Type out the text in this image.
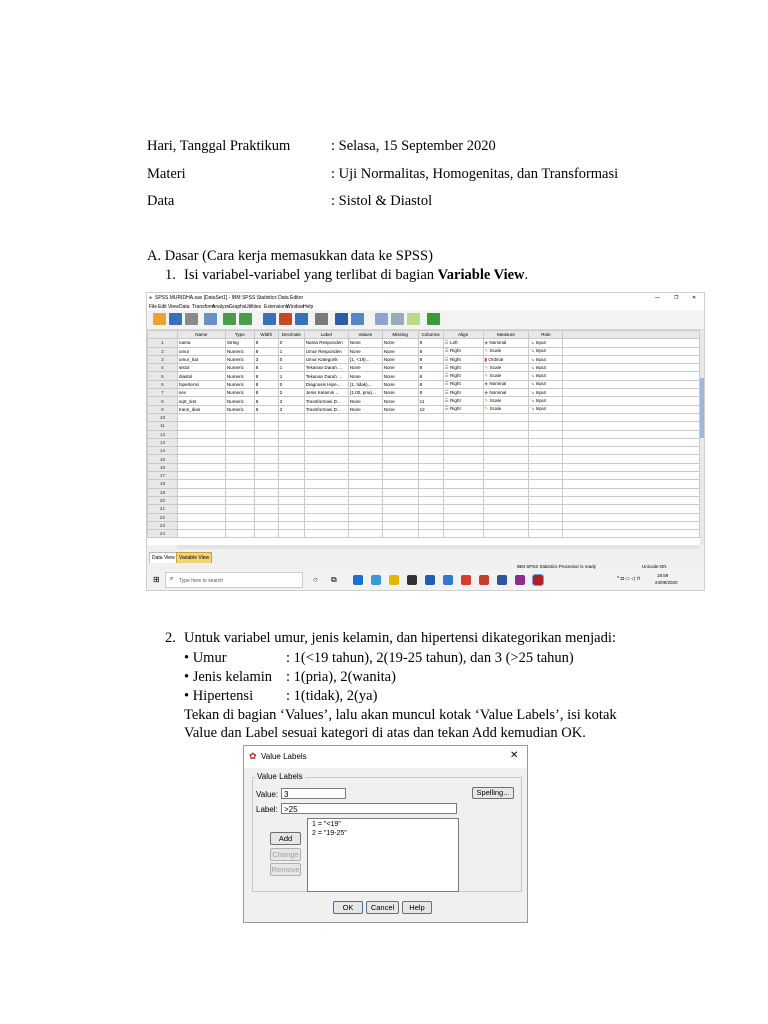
Hari, Tanggal Praktikum	: Selasa, 15 September 2020
Materi	: Uji Normalitas, Homogenitas, dan Transformasi
Data	: Sistol & Diastol
A. Dasar (Cara kerja memasukkan data ke SPSS)
1. Isi variabel-variabel yang terlibat di bagian Variable View.
● SPSS MURIDHA.sav [DataSet1] - IBM SPSS Statistics Data Editor	—	❐	✕
File Edit View Data Transform
Analyze Graphs Utilities Extensions
Window Help
	Name	Type	Width	Decimals	Label	Values	Missing	Columns	Align	Measure	Role	
1	nama	String	8	0	Nama Responden	None	None	8	☰ Left	◈ Nominal	↘ Input	
2	umur	Numeric	8	1	Umur Responden	None	None	8	☰ Right	✎ Scale	↘ Input	
3	umur_kat	Numeric	3	0	Umur Kategorik	{1, <19}...	None	8	☰ Right	▮ Ordinal	↘ Input	
4	sistol	Numeric	8	1	Tekanan Darah ...	None	None	8	☰ Right	✎ Scale	↘ Input	
5	diastol	Numeric	8	1	Tekanan Darah ...	None	None	8	☰ Right	✎ Scale	↘ Input	
6	hipertensi	Numeric	8	0	Diagnosis Hipe...	{1, tidak}...	None	8	☰ Right	◈ Nominal	↘ Input	
7	sex	Numeric	8	2	Jenis Kelamin ...	{1.00, pria}...	None	8	☰ Right	◈ Nominal	↘ Input	
8	sqrt_sist	Numeric	8	2	Transformasi D...	None	None	11	☰ Right	✎ Scale	↘ Input	
9	trans_dias	Numeric	8	2	Transformasi D...	None	None	12	☰ Right	✎ Scale	↘ Input	
10												
11												
12												
13												
14												
15												
16												
17												
18												
19												
20												
21												
22												
23												
24												
Data View Variable View
IBM SPSS Statistics Processor is ready	Unicode:ON
⊞ ⌕ Type here to search	○ ⧉	^ ◘ ▭ ◁ ⊓
18:59
24/09/2020
2. Untuk variabel umur, jenis kelamin, dan hipertensi dikategorikan menjadi:
• Umur	: 1(<19 tahun), 2(19-25 tahun), dan 3 (>25 tahun)
• Jenis kelamin : 1(pria), 2(wanita)
• Hipertensi : 1(tidak), 2(ya)
Tekan di bagian ‘Values’, lalu akan muncul kotak ‘Value Labels’, isi kotak
Value dan Label sesuai kategori di atas dan tekan Add kemudian OK.
✿ Value Labels	✕
Value Labels
Value: 3
Label: >25
Spelling...
1 = "<19"
2 = "19-25"
Add
Change
Remove
OK	Cancel	Help
